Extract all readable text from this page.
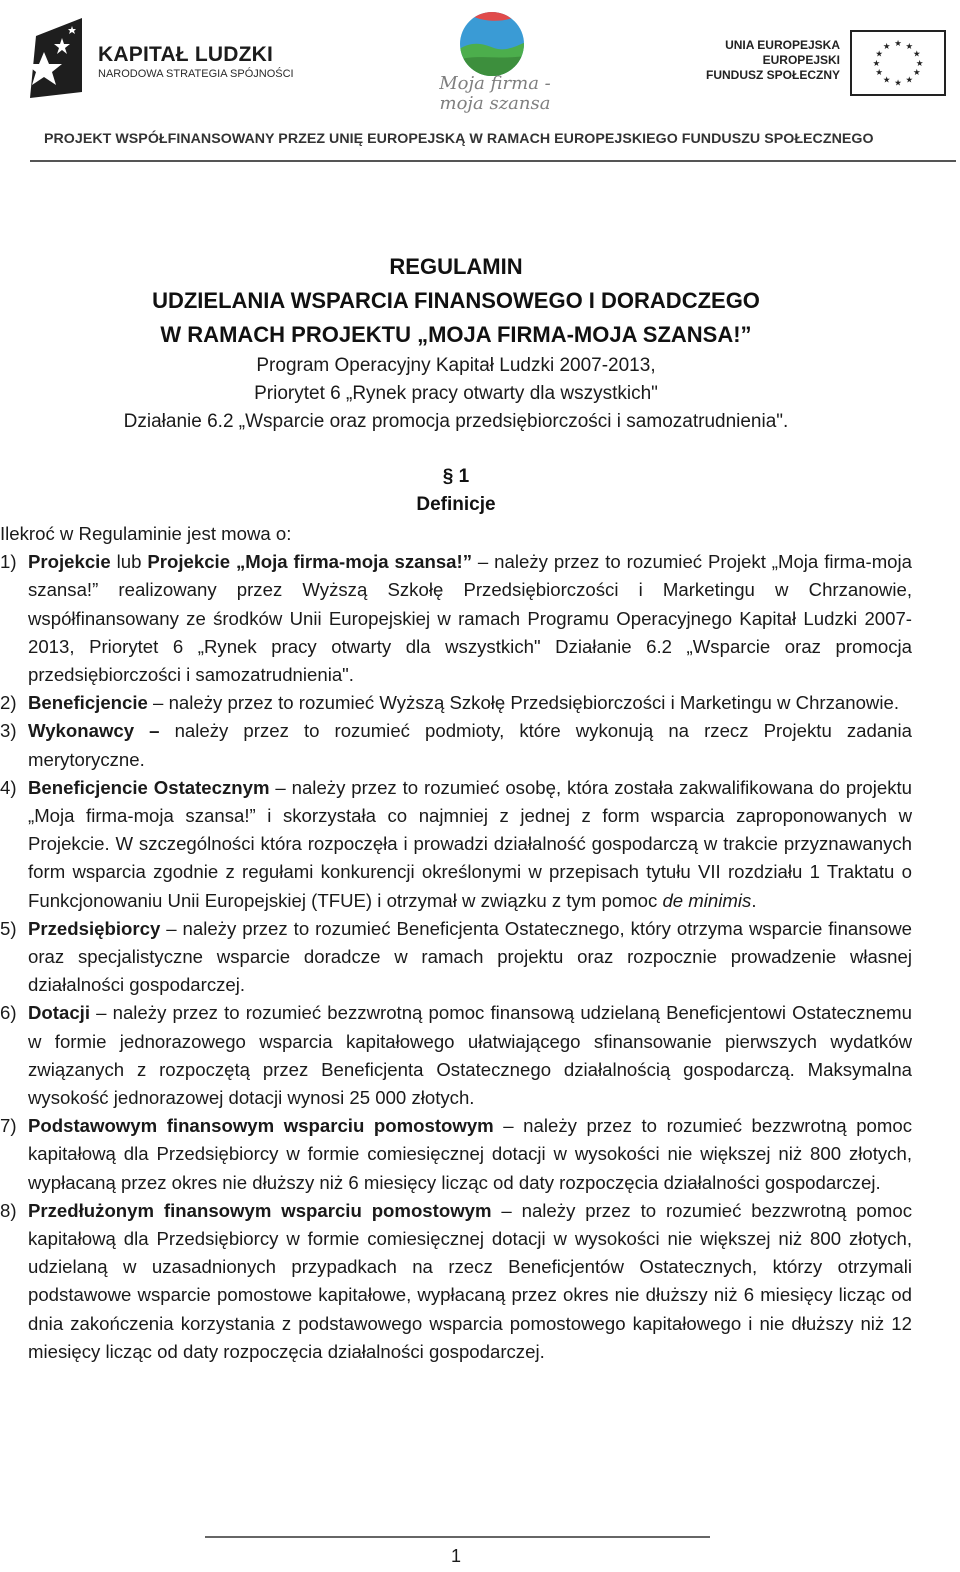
KAPITAŁ LUDZKI
NARODOWA STRATEGIA SPÓJNOŚCI	Moja firma -
moja szansa
UNIA EUROPEJSKA
EUROPEJSKI
FUNDUSZ SPOŁECZNY
★ ★
★
★
★
★
★
★
★
★
★
★
PROJEKT WSPÓŁFINANSOWANY PRZEZ UNIĘ EUROPEJSKĄ W RAMACH EUROPEJSKIEGO FUNDUSZU SPOŁECZNEGO
REGULAMIN
UDZIELANIA WSPARCIA FINANSOWEGO I DORADCZEGO
W RAMACH PROJEKTU „MOJA FIRMA-MOJA SZANSA!”
Program Operacyjny Kapitał Ludzki 2007-2013,
Priorytet 6 „Rynek pracy otwarty dla wszystkich"
Działanie 6.2 „Wsparcie oraz promocja przedsiębiorczości i samozatrudnienia".
§ 1
Definicje

Ilekroć w Regulaminie jest mowa o:

1) Projekcie lub Projekcie „Moja firma-moja szansa!” – należy przez to rozumieć Projekt „Moja firma-moja szansa!” realizowany przez Wyższą Szkołę Przedsiębiorczości i Marketingu w Chrzanowie, współfinansowany ze środków Unii Europejskiej w ramach Programu Operacyjnego Kapitał Ludzki 2007-2013, Priorytet 6 „Rynek pracy otwarty dla wszystkich" Działanie 6.2 „Wsparcie oraz promocja przedsiębiorczości i samozatrudnienia".
2) Beneficjencie – należy przez to rozumieć Wyższą Szkołę Przedsiębiorczości i Marketingu w Chrzanowie.
3) Wykonawcy – należy przez to rozumieć podmioty, które wykonują na rzecz Projektu zadania merytoryczne.
4) Beneficjencie Ostatecznym – należy przez to rozumieć osobę, która została zakwalifikowana do projektu „Moja firma-moja szansa!” i skorzystała co najmniej z jednej z form wsparcia zaproponowanych w Projekcie. W szczególności która rozpoczęła i prowadzi działalność gospodarczą w trakcie przyznawanych form wsparcia zgodnie z regułami konkurencji określonymi w przepisach tytułu VII rozdziału 1 Traktatu o Funkcjonowaniu Unii Europejskiej (TFUE) i otrzymał w związku z tym pomoc de minimis.
5) Przedsiębiorcy – należy przez to rozumieć Beneficjenta Ostatecznego, który otrzyma wsparcie finansowe oraz specjalistyczne wsparcie doradcze w ramach projektu oraz rozpocznie prowadzenie własnej działalności gospodarczej.
6) Dotacji – należy przez to rozumieć bezzwrotną pomoc finansową udzielaną Beneficjentowi Ostatecznemu w formie jednorazowego wsparcia kapitałowego ułatwiającego sfinansowanie pierwszych wydatków związanych z rozpoczętą przez Beneficjenta Ostatecznego działalnością gospodarczą. Maksymalna wysokość jednorazowej dotacji wynosi 25 000 złotych.
7) Podstawowym finansowym wsparciu pomostowym – należy przez to rozumieć bezzwrotną pomoc kapitałową dla Przedsiębiorcy w formie comiesięcznej dotacji w wysokości nie większej niż 800 złotych, wypłacaną przez okres nie dłuższy niż 6 miesięcy licząc od daty rozpoczęcia działalności gospodarczej.
8) Przedłużonym finansowym wsparciu pomostowym – należy przez to rozumieć bezzwrotną pomoc kapitałową dla Przedsiębiorcy w formie comiesięcznej dotacji w wysokości nie większej niż 800 złotych, udzielaną w uzasadnionych przypadkach na rzecz Beneficjentów Ostatecznych, którzy otrzymali podstawowe wsparcie pomostowe kapitałowe, wypłacaną przez okres nie dłuższy niż 6 miesięcy licząc od dnia zakończenia korzystania z podstawowego wsparcia pomostowego kapitałowego i nie dłuższy niż 12 miesięcy licząc od daty rozpoczęcia działalności gospodarczej.
1
